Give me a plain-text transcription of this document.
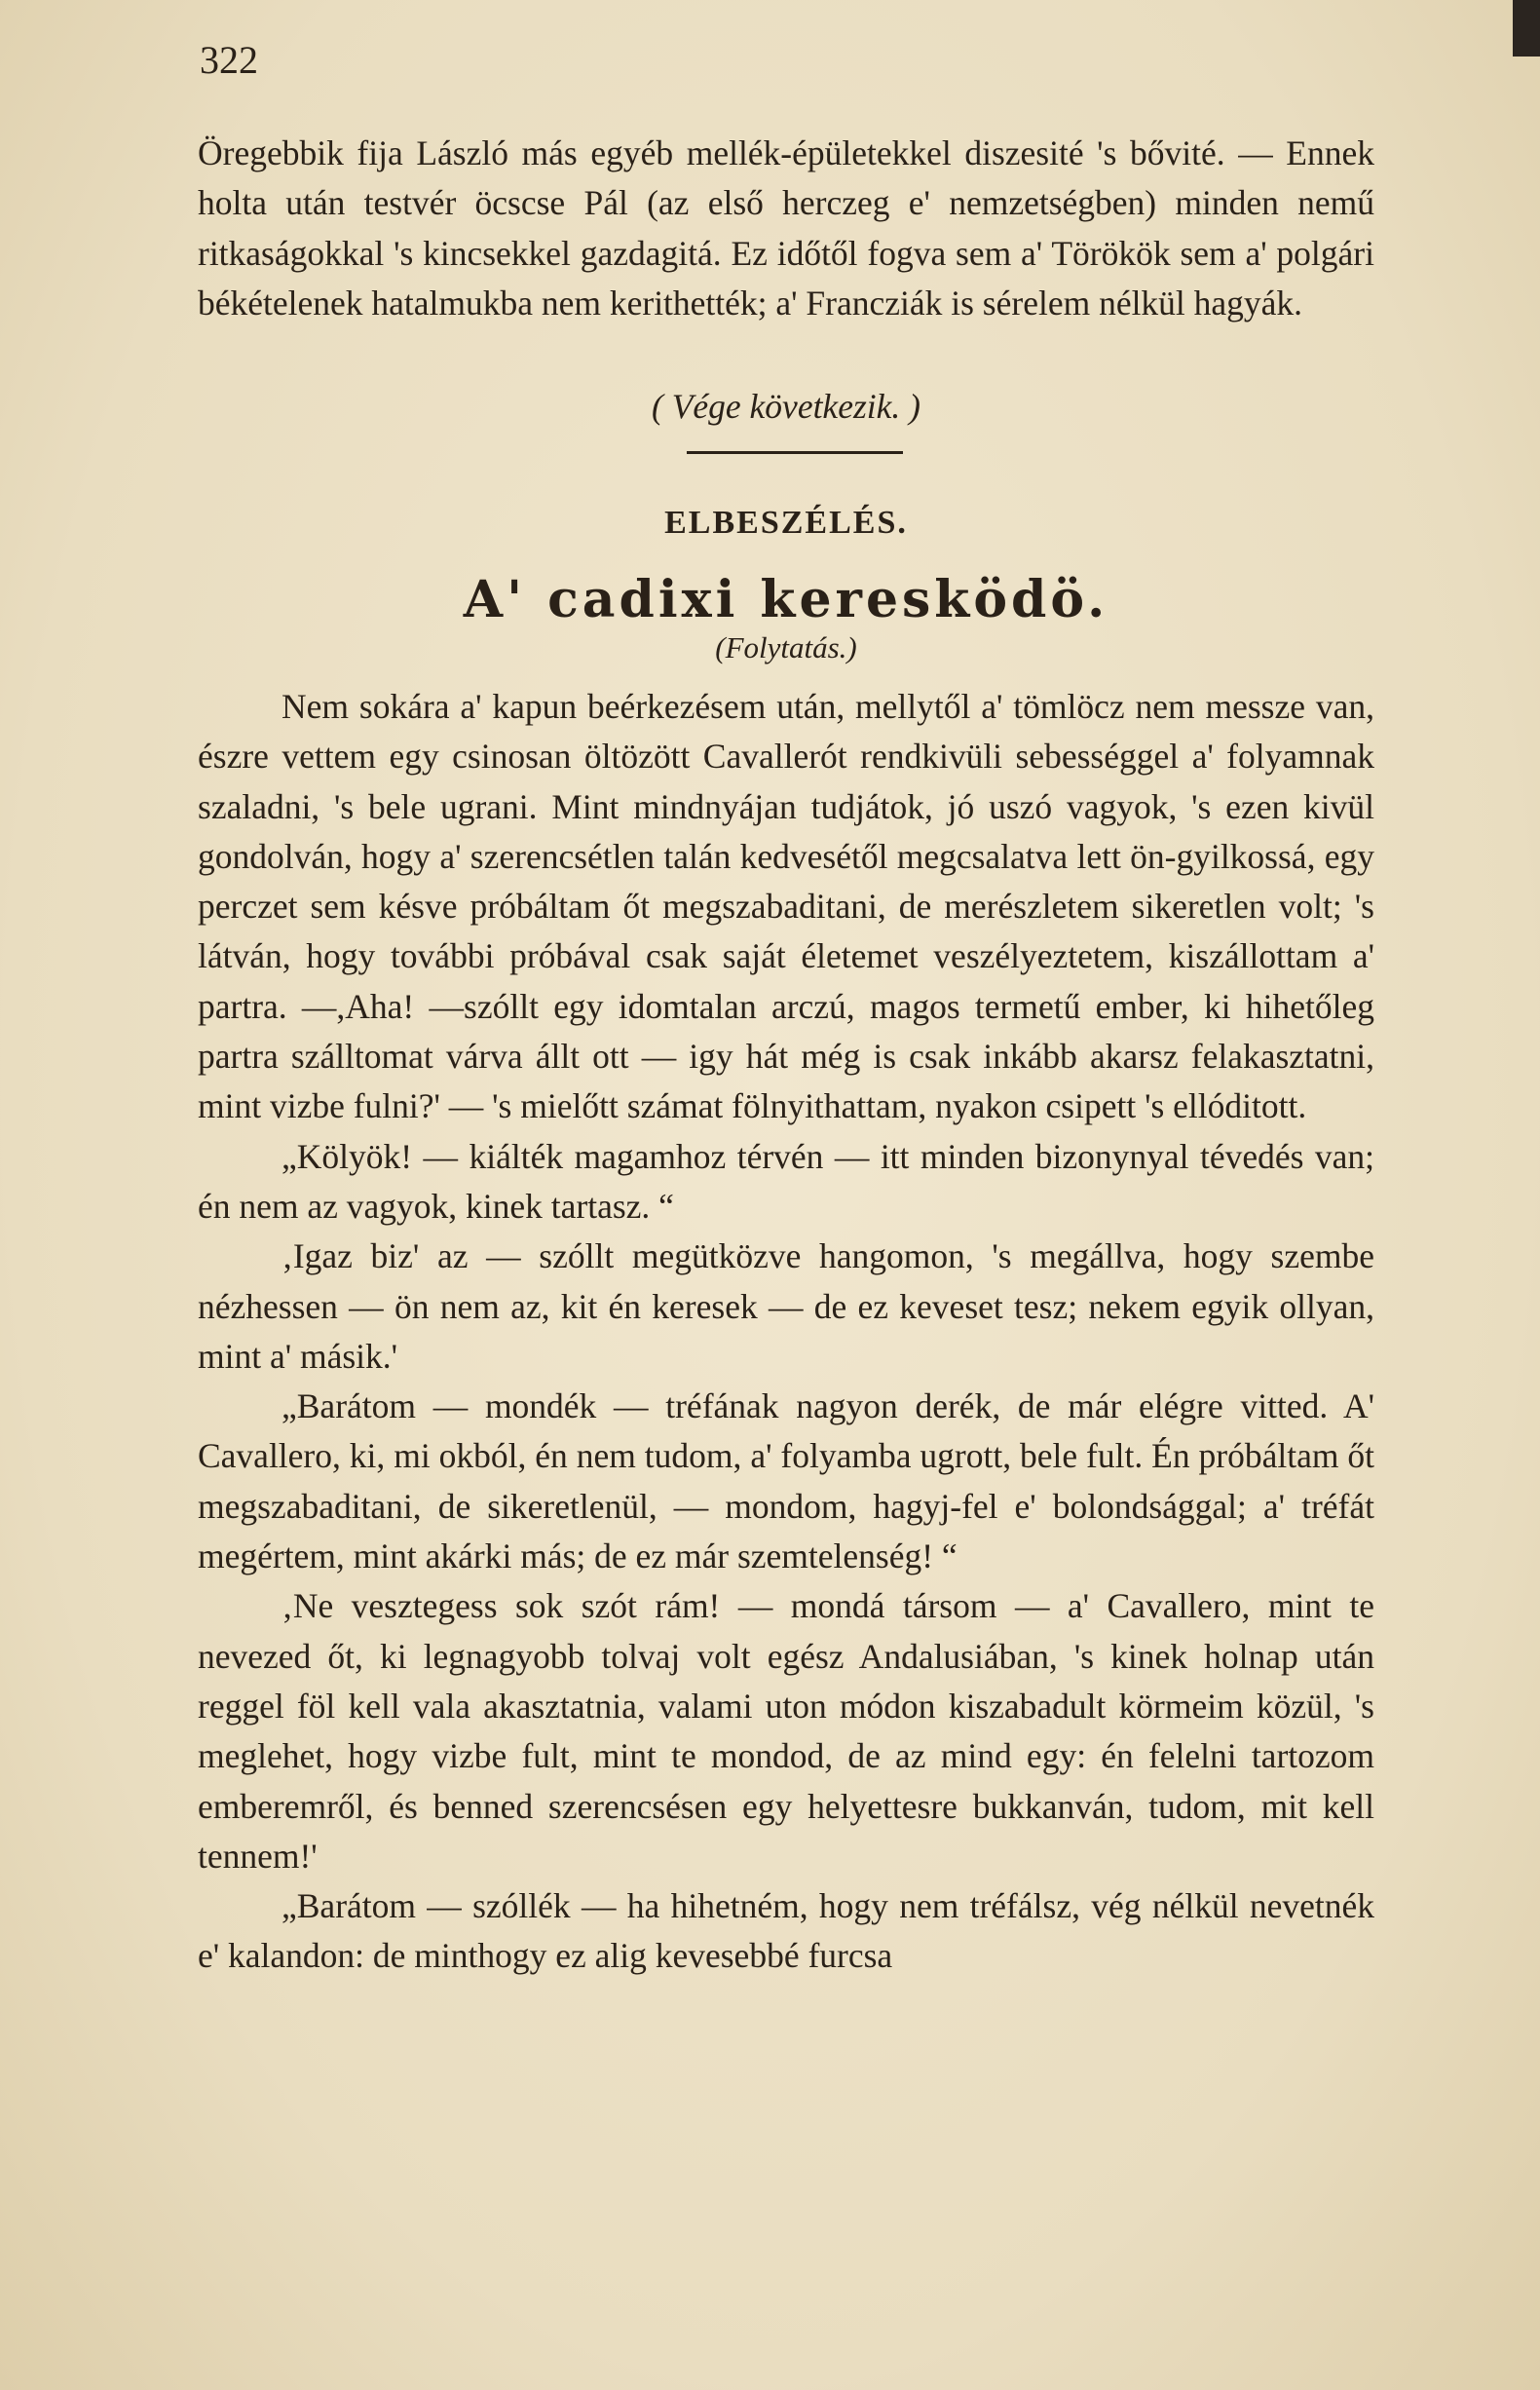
322

Öregebbik fija László más egyéb mellék-épületekkel diszesité 's bővité. — Ennek holta után testvér öcscse Pál (az első herczeg e' nemzetségben) minden nemű ritkaságokkal 's kincsekkel gazdagitá. Ez időtől fogva sem a' Törökök sem a' polgári békételenek hatalmukba nem kerithették; a' Francziák is sérelem nélkül hagyák.

( Vége következik. )
ELBESZÉLÉS.
A' cadixi keresködö.
(Folytatás.)

Nem sokára a' kapun beérkezésem után, mellytől a' tömlöcz nem messze van, észre vettem egy csinosan öltözött Cavallerót rendkivüli sebességgel a' folyamnak szaladni, 's bele ugrani. Mint mindnyájan tudjátok, jó uszó vagyok, 's ezen kivül gondolván, hogy a' szerencsétlen talán kedvesétől megcsalatva lett ön-gyilkossá, egy perczet sem késve próbáltam őt megszabaditani, de merészletem sikeretlen volt; 's látván, hogy további próbával csak saját életemet veszélyeztetem, kiszállottam a' partra. —,Aha! —szóllt egy idomtalan arczú, magos termetű ember, ki hihetőleg partra szálltomat várva állt ott — igy hát még is csak inkább akarsz felakasztatni, mint vizbe fulni?' — 's mielőtt számat fölnyithattam, nyakon csipett 's ellóditott.

„Kölyök! — kiálték magamhoz térvén — itt minden bizonynyal tévedés van; én nem az vagyok, kinek tartasz. “

‚Igaz biz' az — szóllt megütközve hangomon, 's megállva, hogy szembe nézhessen — ön nem az, kit én keresek — de ez keveset tesz; nekem egyik ollyan, mint a' másik.'

„Barátom — mondék — tréfának nagyon derék, de már elégre vitted. A' Cavallero, ki, mi okból, én nem tudom, a' folyamba ugrott, bele fult. Én próbáltam őt megszabaditani, de sikeretlenül, — mondom, hagyj-fel e' bolondsággal; a' tréfát megértem, mint akárki más; de ez már szemtelenség! “

‚Ne vesztegess sok szót rám! — mondá társom — a' Cavallero, mint te nevezed őt, ki legnagyobb tolvaj volt egész Andalusiában, 's kinek holnap után reggel föl kell vala akasztatnia, valami uton módon kiszabadult körmeim közül, 's meglehet, hogy vizbe fult, mint te mondod, de az mind egy: én felelni tartozom emberemről, és benned szerencsésen egy helyettesre bukkanván, tudom, mit kell tennem!'

„Barátom — szóllék — ha hihetném, hogy nem tréfálsz, vég nélkül nevetnék e' kalandon: de minthogy ez alig kevesebbé furcsa
